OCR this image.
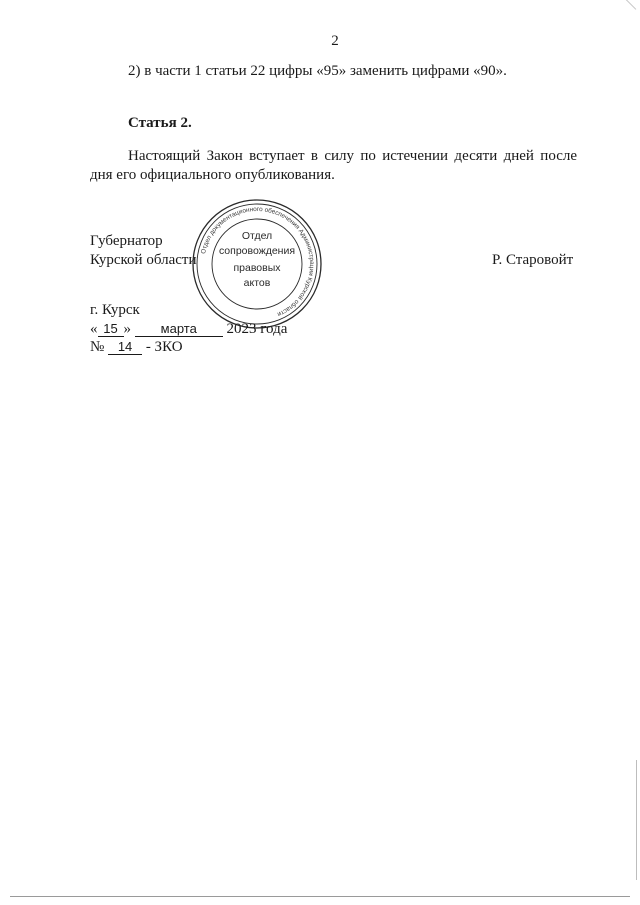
2
2) в части 1 статьи 22 цифры «95» заменить цифрами «90».
Статья 2.
Настоящий Закон вступает в силу по истечении десяти дней после
дня его официального опубликования.
Губернатор
Курской области	Р. Старовойт
Отдел документационного обеспечения Администрации Курской области
Отдел
сопровождения
правовых
актов
г. Курск
« 15 » марта 2023 года
№ 14 - ЗКО
